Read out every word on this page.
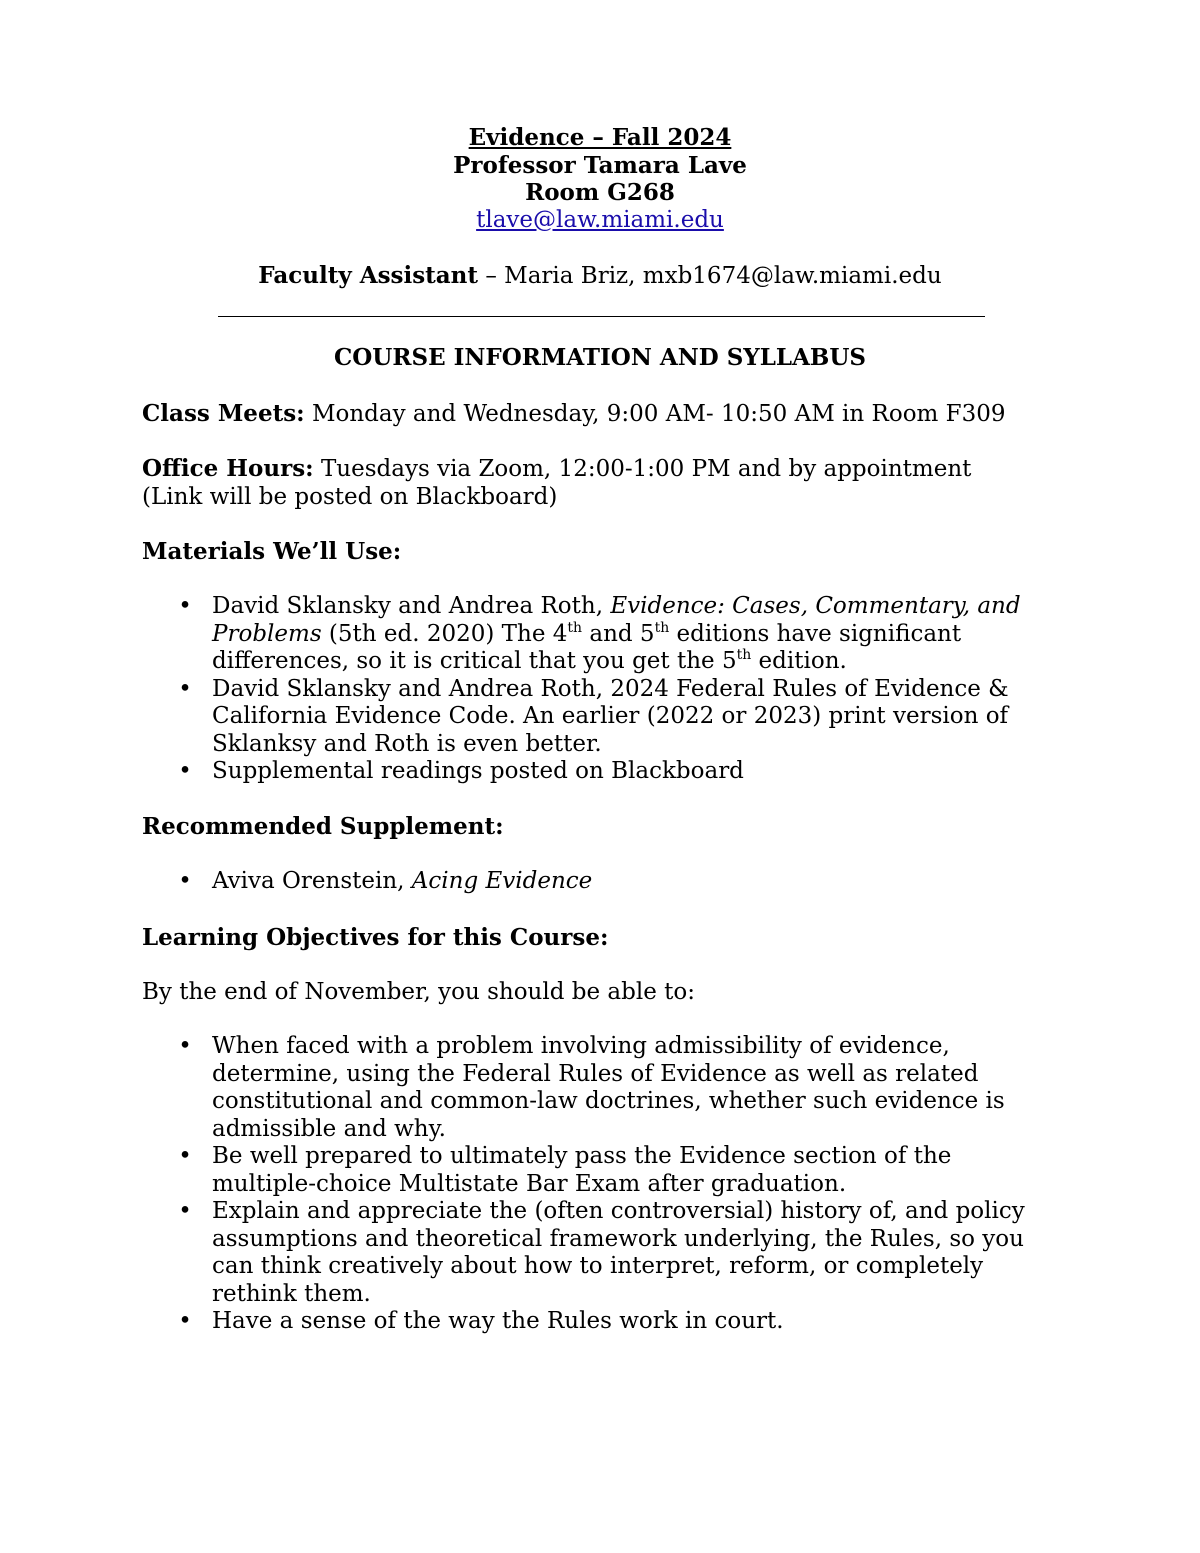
Evidence – Fall 2024
Professor Tamara Lave
Room G268
tlave@law.miami.edu
Faculty Assistant – Maria Briz, mxb1674@law.miami.edu
COURSE INFORMATION AND SYLLABUS
Class Meets: Monday and Wednesday, 9:00 AM- 10:50 AM in Room F309
Office Hours: Tuesdays via Zoom, 12:00-1:00 PM and by appointment
(Link will be posted on Blackboard)
Materials We’ll Use:
• David Sklansky and Andrea Roth, Evidence: Cases, Commentary, and Problems (5th ed. 2020) The 4th and 5th editions have significant differences, so it is critical that you get the 5th edition.
• David Sklansky and Andrea Roth, 2024 Federal Rules of Evidence & California Evidence Code. An earlier (2022 or 2023) print version of Sklanksy and Roth is even better.
• Supplemental readings posted on Blackboard
Recommended Supplement:
• Aviva Orenstein, Acing Evidence
Learning Objectives for this Course:
By the end of November, you should be able to:
• When faced with a problem involving admissibility of evidence, determine, using the Federal Rules of Evidence as well as related constitutional and common-law doctrines, whether such evidence is admissible and why.
• Be well prepared to ultimately pass the Evidence section of the multiple-choice Multistate Bar Exam after graduation.
• Explain and appreciate the (often controversial) history of, and policy assumptions and theoretical framework underlying, the Rules, so you can think creatively about how to interpret, reform, or completely rethink them.
• Have a sense of the way the Rules work in court.
